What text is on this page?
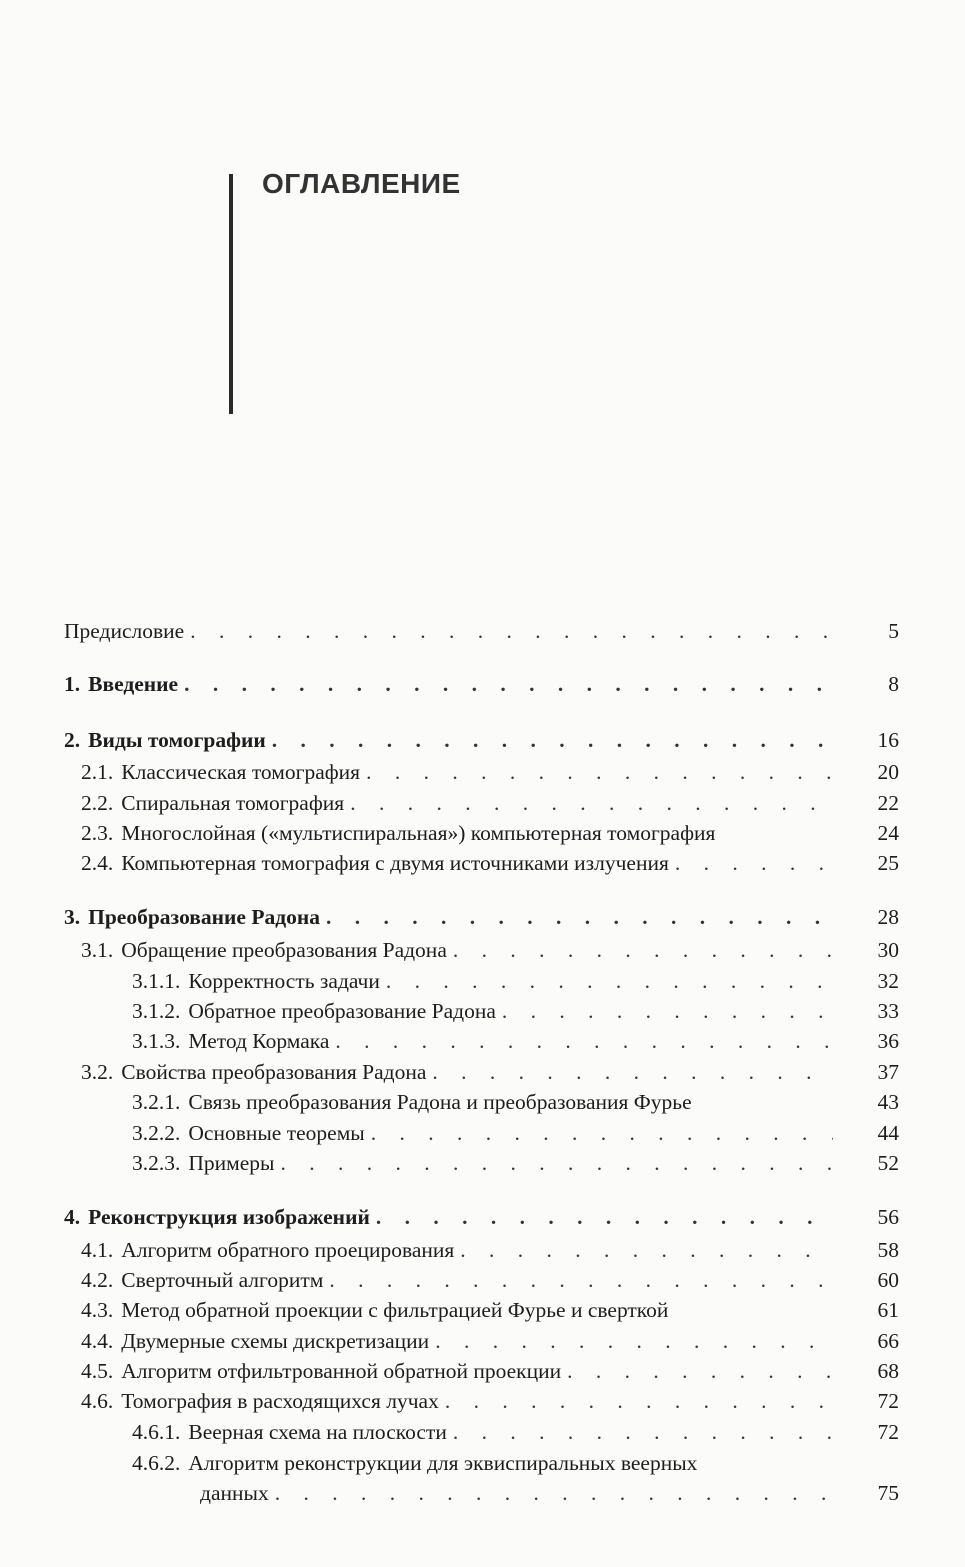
ОГЛАВЛЕНИЕ
Предисловие . . .	5
1. Введение . . .	8
2. Виды томографии . . .	16
2.1. Классическая томография . . .	20
2.2. Спиральная томография . . .	22
2.3. Многослойная («мультиспиральная») компьютерная томография	24
2.4. Компьютерная томография с двумя источниками излучения . . .	25
3. Преобразование Радона . . .	28
3.1. Обращение преобразования Радона . . .	30
3.1.1. Корректность задачи . . .	32
3.1.2. Обратное преобразование Радона . . .	33
3.1.3. Метод Кормака . . .	36
3.2. Свойства преобразования Радона . . .	37
3.2.1. Связь преобразования Радона и преобразования Фурье	43
3.2.2. Основные теоремы . . .	44
3.2.3. Примеры . . .	52
4. Реконструкция изображений . . .	56
4.1. Алгоритм обратного проецирования . . .	58
4.2. Сверточный алгоритм . . .	60
4.3. Метод обратной проекции с фильтрацией Фурье и сверткой	61
4.4. Двумерные схемы дискретизации . . .	66
4.5. Алгоритм отфильтрованной обратной проекции . . .	68
4.6. Томография в расходящихся лучах . . .	72
4.6.1. Веерная схема на плоскости . . .	72
4.6.2. Алгоритм реконструкции для эквиспиральных веерных
данных . . .	75
